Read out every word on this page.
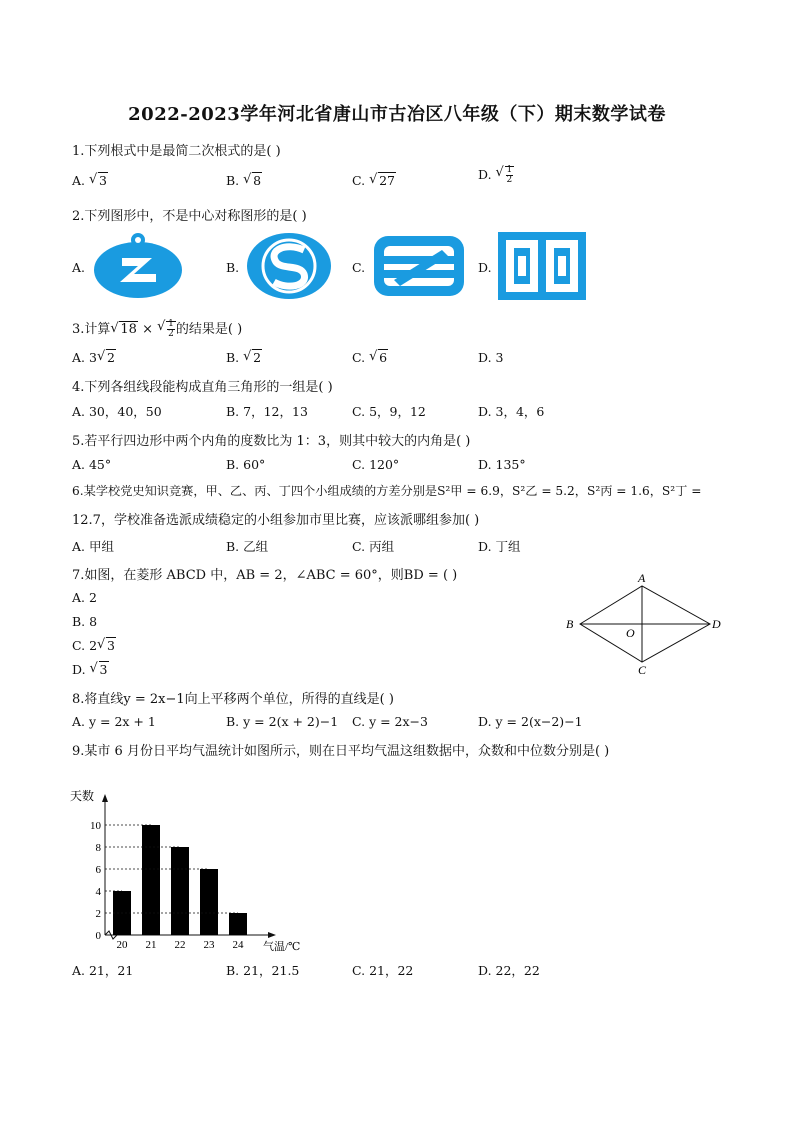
2022-2023学年河北省唐山市古冶区八年级（下）期末数学试卷
1.下列根式中是最简二次根式的是( )
A. √ 3	B. √ 8	C. √ 27	D. √ $\frac{1}{2}$
2.下列图形中，不是中心对称图形的是( )
A.	B.	C.	D.
3.计算 √ 18 × √ $\frac{1}{2}$ 的结果是( )
A. 3 √ 2	B. √ 2	C. √ 6	D. 3
4.下列各组线段能构成直角三角形的一组是( )
A. 30，40，50	B. 7，12，13	C. 5，9，12	D. 3，4，6
5.若平行四边形中两个内角的度数比为 1：3，则其中较大的内角是( )
A. 45°	B. 60°	C. 120°	D. 135°
6.某学校党史知识竞赛，甲、乙、丙、丁四个小组成绩的方差分别是S²甲 = 6.9，S²乙 = 5.2，S²丙 = 1.6，S²丁 =
12.7，学校准备选派成绩稳定的小组参加市里比赛，应该派哪组参加( )
A. 甲组	B. 乙组	C. 丙组	D. 丁组
7.如图，在菱形 ABCD 中，AB = 2，∠ABC = 60°，则BD = ( )
A. 2
B. 8
C. 2 √ 3
D. √ 3
A
B
C
D
O
8.将直线y = 2x−1向上平移两个单位，所得的直线是( )
A. y = 2x + 1	B. y = 2(x + 2)−1 C. y = 2x−3	D. y = 2(x−2)−1
9.某市 6 月份日平均气温统计如图所示，则在日平均气温这组数据中，众数和中位数分别是( )
天数
气温/℃
0
2
4
6
8
10
20 21 22 23 24
A. 21，21	B. 21，21.5	C. 21，22	D. 22，22
